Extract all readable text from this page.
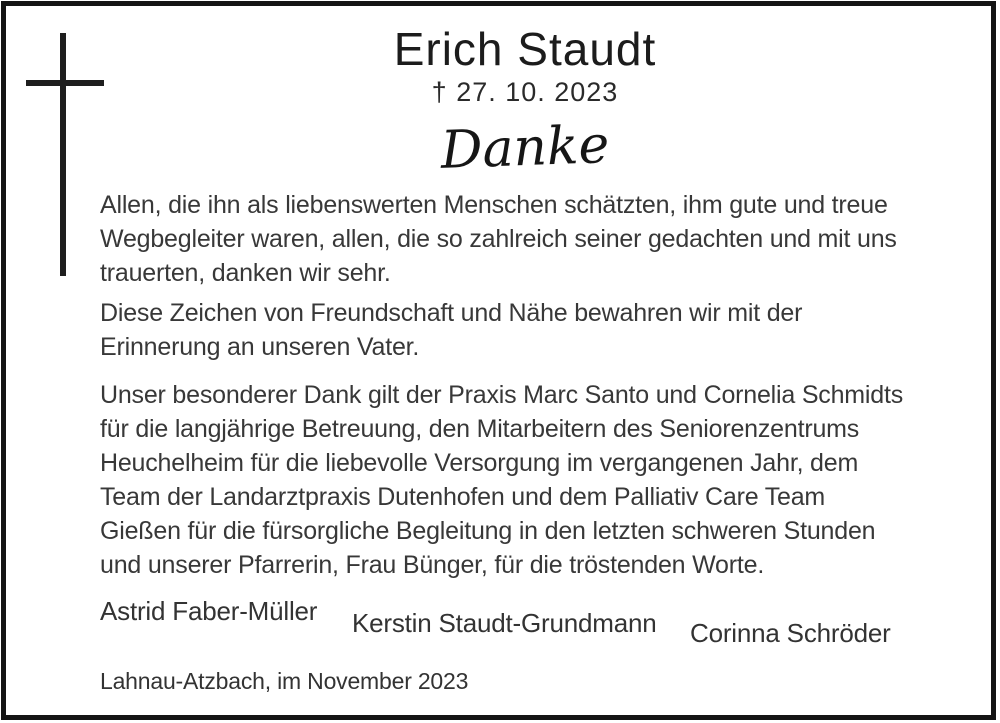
Erich Staudt
† 27. 10. 2023
Danke
Allen, die ihn als liebenswerten Menschen schätzten, ihm gute und treue
Wegbegleiter waren, allen, die so zahlreich seiner gedachten und mit uns
trauerten, danken wir sehr.
Diese Zeichen von Freundschaft und Nähe bewahren wir mit der
Erinnerung an unseren Vater.
Unser besonderer Dank gilt der Praxis Marc Santo und Cornelia Schmidts
für die langjährige Betreuung, den Mitarbeitern des Seniorenzentrums
Heuchelheim für die liebevolle Versorgung im vergangenen Jahr, dem
Team der Landarztpraxis Dutenhofen und dem Palliativ Care Team
Gießen für die fürsorgliche Begleitung in den letzten schweren Stunden
und unserer Pfarrerin, Frau Bünger, für die tröstenden Worte.
Astrid Faber-Müller Kerstin Staudt-Grundmann Corinna Schröder
Lahnau-Atzbach, im November 2023
